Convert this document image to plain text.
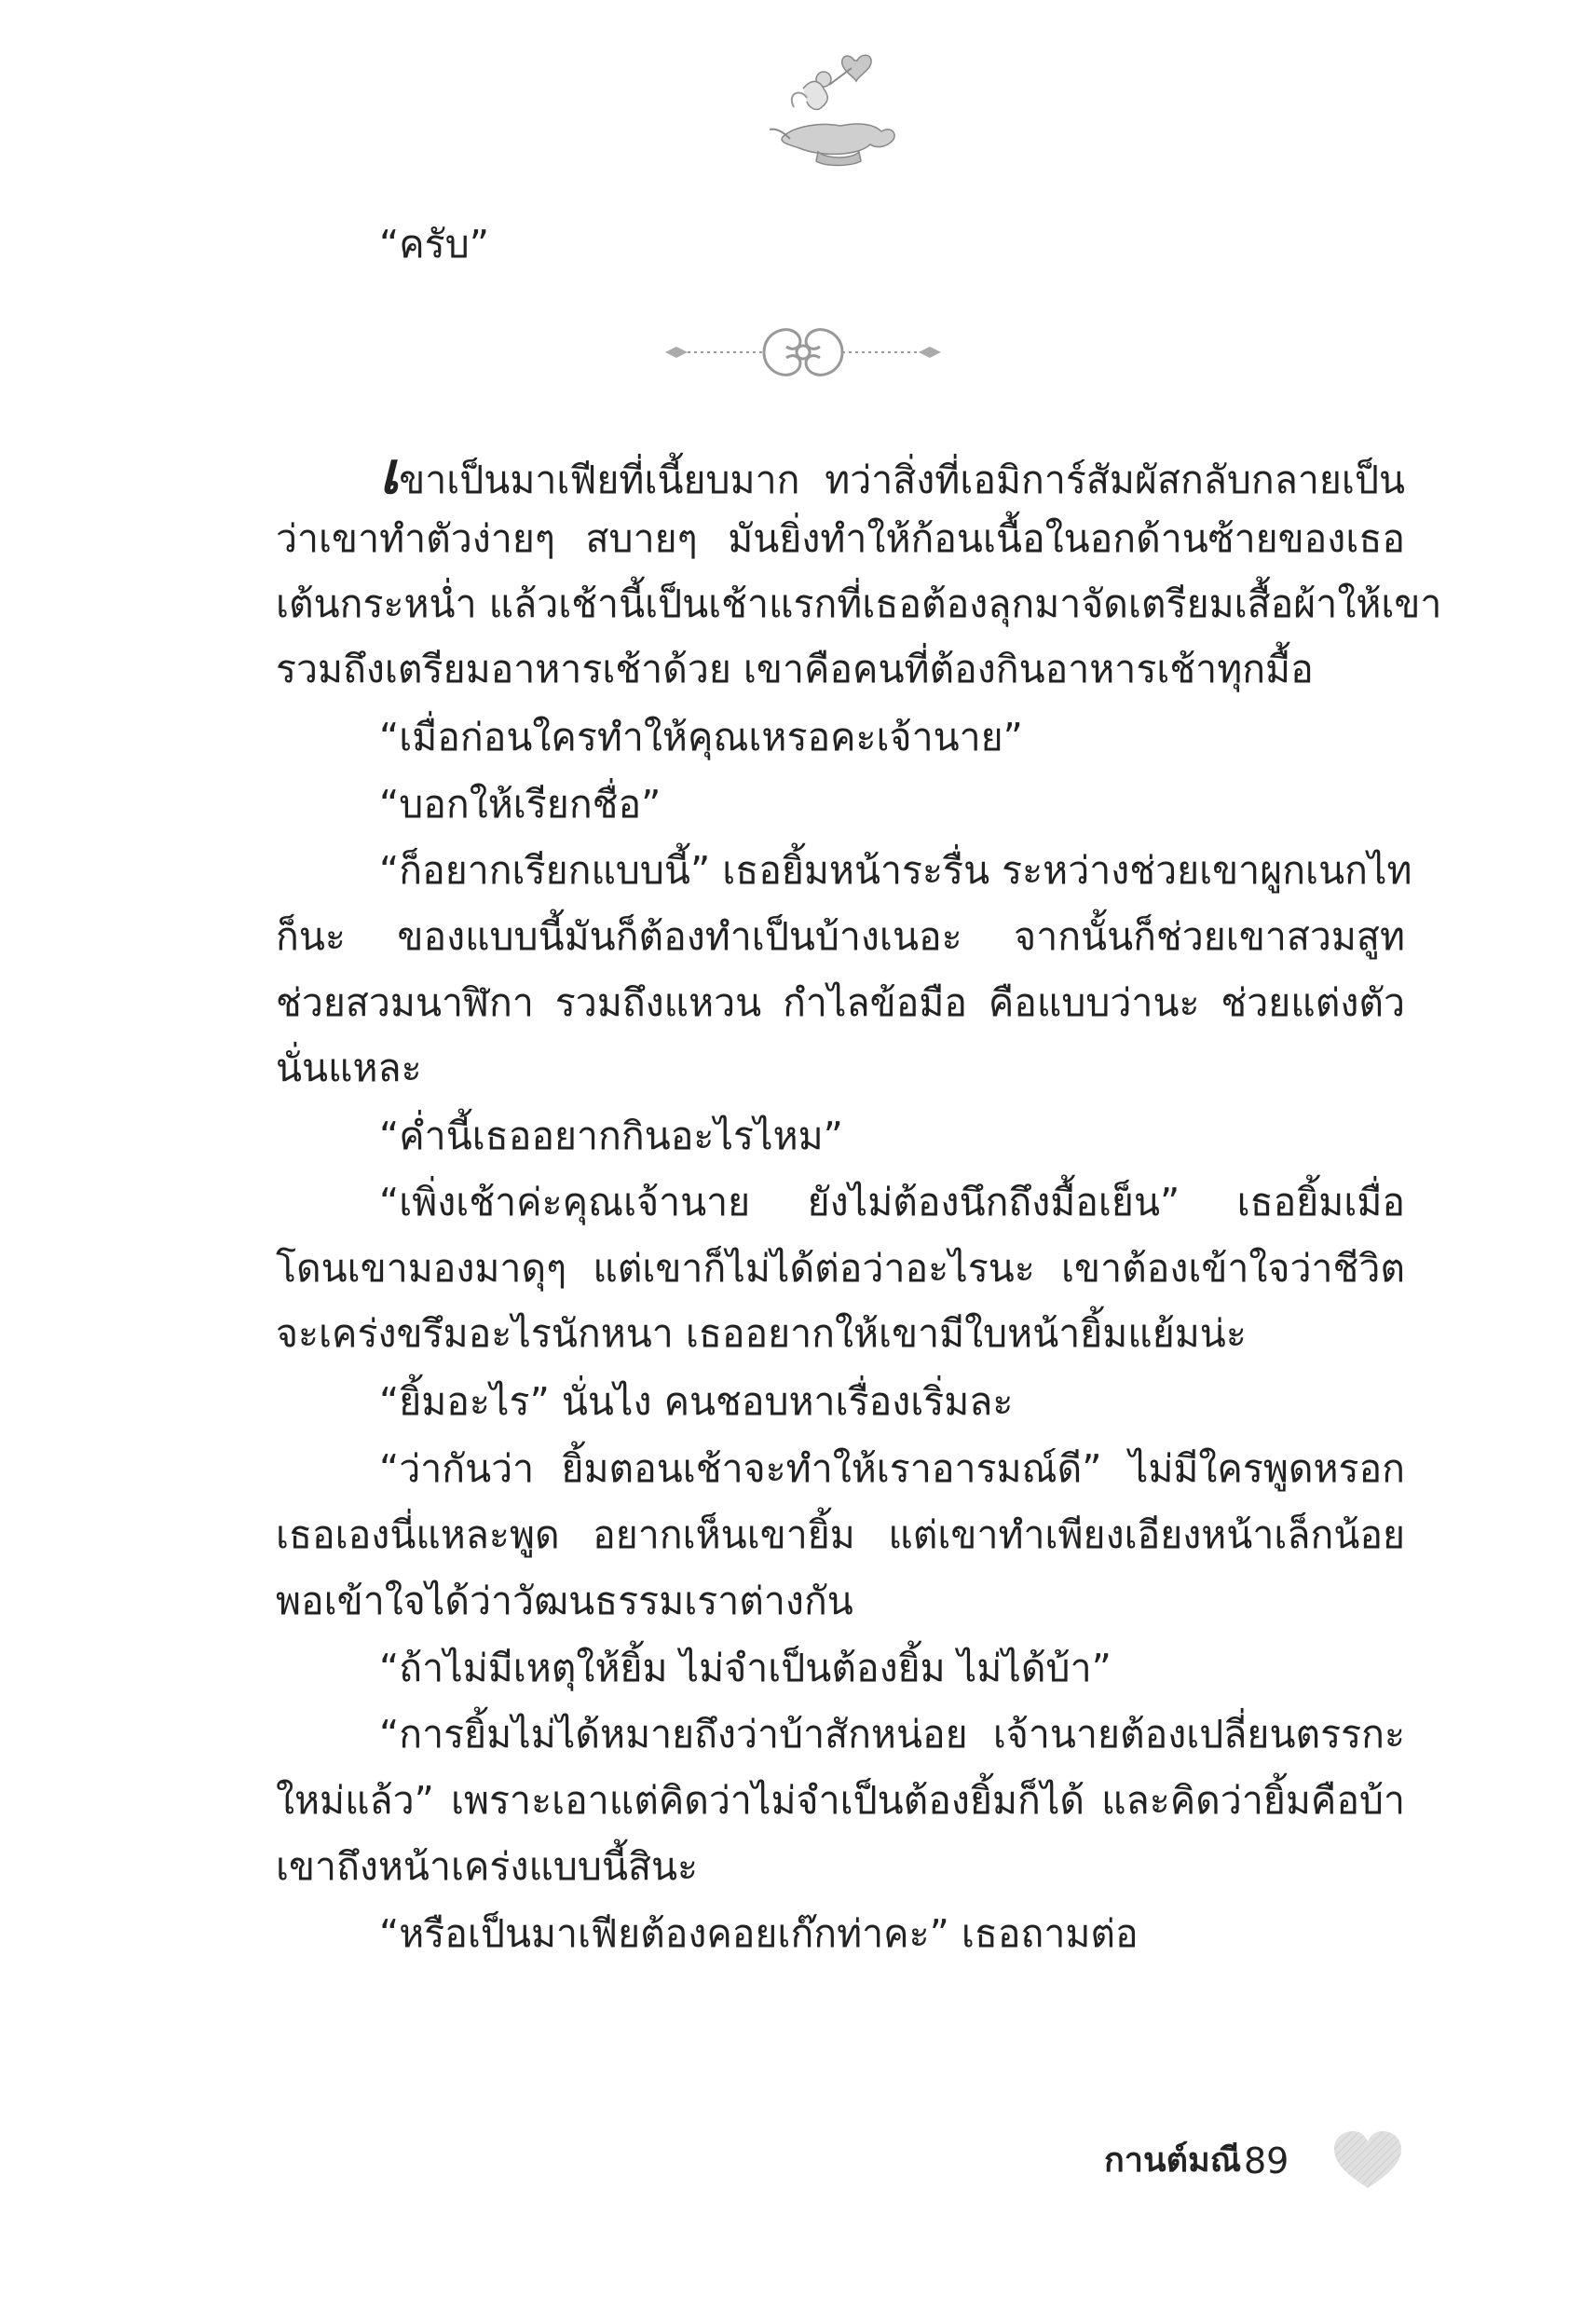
“ครับ”

เขาเป็นมาเฟียที่เนี้ยบมาก ทว่าสิ่งที่เอมิการ์สัมผัสกลับกลายเป็น

ว่าเขาทำตัวง่ายๆ สบายๆ มันยิ่งทำให้ก้อนเนื้อในอกด้านซ้ายของเธอ

เต้นกระหน่ำ แล้วเช้านี้เป็นเช้าแรกที่เธอต้องลุกมาจัดเตรียมเสื้อผ้าให้เขา

รวมถึงเตรียมอาหารเช้าด้วย เขาคือคนที่ต้องกินอาหารเช้าทุกมื้อ

“เมื่อก่อนใครทำให้คุณเหรอคะเจ้านาย”

“บอกให้เรียกชื่อ”

“ก็อยากเรียกแบบนี้” เธอยิ้มหน้าระรื่น ระหว่างช่วยเขาผูกเนกไท

ก็นะ ของแบบนี้มันก็ต้องทำเป็นบ้างเนอะ จากนั้นก็ช่วยเขาสวมสูท

ช่วยสวมนาฬิกา รวมถึงแหวน กำไลข้อมือ คือแบบว่านะ ช่วยแต่งตัว

นั่นแหละ

“ค่ำนี้เธออยากกินอะไรไหม”

“เพิ่งเช้าค่ะคุณเจ้านาย ยังไม่ต้องนึกถึงมื้อเย็น” เธอยิ้มเมื่อ

โดนเขามองมาดุๆ แต่เขาก็ไม่ได้ต่อว่าอะไรนะ เขาต้องเข้าใจว่าชีวิต

จะเคร่งขรึมอะไรนักหนา เธออยากให้เขามีใบหน้ายิ้มแย้มน่ะ

“ยิ้มอะไร” นั่นไง คนชอบหาเรื่องเริ่มละ

“ว่ากันว่า ยิ้มตอนเช้าจะทำให้เราอารมณ์ดี” ไม่มีใครพูดหรอก

เธอเองนี่แหละพูด อยากเห็นเขายิ้ม แต่เขาทำเพียงเอียงหน้าเล็กน้อย

พอเข้าใจได้ว่าวัฒนธรรมเราต่างกัน

“ถ้าไม่มีเหตุให้ยิ้ม ไม่จำเป็นต้องยิ้ม ไม่ได้บ้า”

“การยิ้มไม่ได้หมายถึงว่าบ้าสักหน่อย เจ้านายต้องเปลี่ยนตรรกะ

ใหม่แล้ว” เพราะเอาแต่คิดว่าไม่จำเป็นต้องยิ้มก็ได้ และคิดว่ายิ้มคือบ้า

เขาถึงหน้าเคร่งแบบนี้สินะ

“หรือเป็นมาเฟียต้องคอยเก๊กท่าคะ” เธอถามต่อ

กานต์มณี 89
